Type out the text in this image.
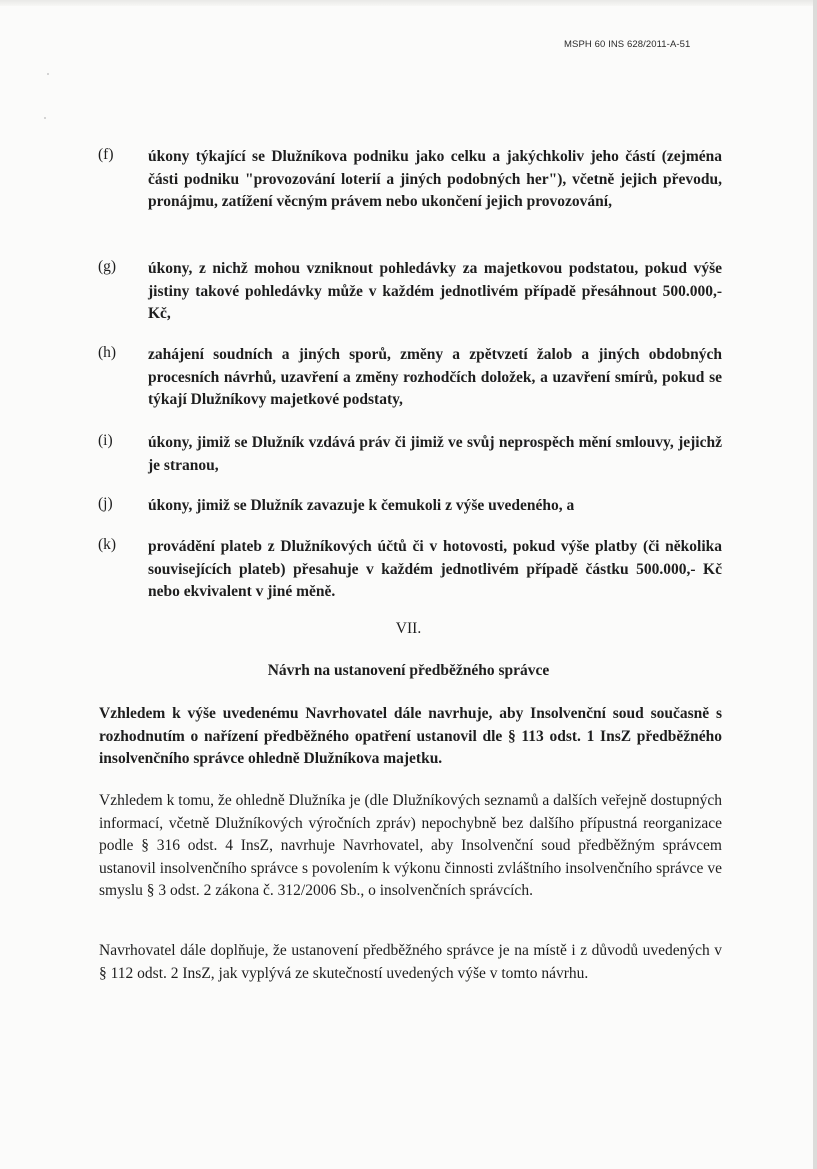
MSPH 60 INS 628/2011-A-51
(f) úkony týkající se Dlužníkova podniku jako celku a jakýchkoliv jeho částí (zejména části podniku "provozování loterií a jiných podobných her"), včetně jejich převodu, pronájmu, zatížení věcným právem nebo ukončení jejich provozování,

(g) úkony, z nichž mohou vzniknout pohledávky za majetkovou podstatou, pokud výše jistiny takové pohledávky může v každém jednotlivém případě přesáhnout 500.000,- Kč,

(h) zahájení soudních a jiných sporů, změny a zpětvzetí žalob a jiných obdobných procesních návrhů, uzavření a změny rozhodčích doložek, a uzavření smírů, pokud se týkají Dlužníkovy majetkové podstaty,

(i) úkony, jimiž se Dlužník vzdává práv či jimiž ve svůj neprospěch mění smlouvy, jejichž je stranou,

(j) úkony, jimiž se Dlužník zavazuje k čemukoli z výše uvedeného, a

(k) provádění plateb z Dlužníkových účtů či v hotovosti, pokud výše platby (či několika souvisejících plateb) přesahuje v každém jednotlivém případě částku 500.000,- Kč nebo ekvivalent v jiné měně.

VII.
Návrh na ustanovení předběžného správce

Vzhledem k výše uvedenému Navrhovatel dále navrhuje, aby Insolvenční soud současně s rozhodnutím o nařízení předběžného opatření ustanovil dle § 113 odst. 1 InsZ předběžného insolvenčního správce ohledně Dlužníkova majetku.

Vzhledem k tomu, že ohledně Dlužníka je (dle Dlužníkových seznamů a dalších veřejně dostupných informací, včetně Dlužníkových výročních zpráv) nepochybně bez dalšího přípustná reorganizace podle § 316 odst. 4 InsZ, navrhuje Navrhovatel, aby Insolvenční soud předběžným správcem ustanovil insolvenčního správce s povolením k výkonu činnosti zvláštního insolvenčního správce ve smyslu § 3 odst. 2 zákona č. 312/2006 Sb., o insolvenčních správcích.

Navrhovatel dále doplňuje, že ustanovení předběžného správce je na místě i z důvodů uvedených v § 112 odst. 2 InsZ, jak vyplývá ze skutečností uvedených výše v tomto návrhu.
